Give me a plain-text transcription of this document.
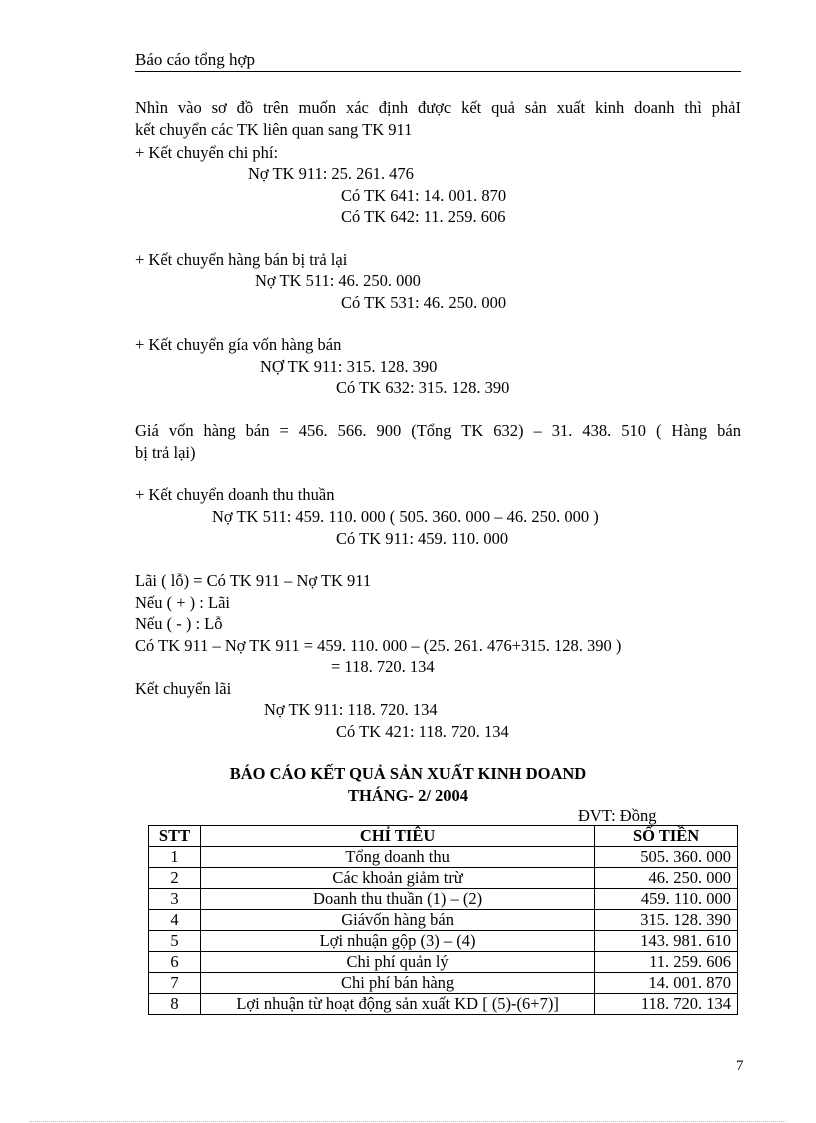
Báo cáo tổng hợp
Nhìn vào sơ đồ trên muốn xác định được kết quả sản xuất kinh doanh thì phảI
kết chuyển các TK liên quan sang TK 911
+ Kết chuyển chi phí:
Nợ TK 911: 25. 261. 476
Có TK 641: 14. 001. 870
Có TK 642: 11. 259. 606
+ Kết chuyển hàng bán bị trả lại
Nợ TK 511: 46. 250. 000
Có TK 531: 46. 250. 000
+ Kết chuyển gía vốn hàng bán
NỢ TK 911: 315. 128. 390
Có TK 632: 315. 128. 390
Giá vốn hàng bán = 456. 566. 900 (Tổng TK 632) – 31. 438. 510 ( Hàng bán
bị trả lại)
+ Kết chuyển doanh thu thuần
Nợ TK 511: 459. 110. 000 ( 505. 360. 000 – 46. 250. 000 )
Có TK 911: 459. 110. 000
Lãi ( lỗ) = Có TK 911 – Nợ TK 911
Nếu ( + ) : Lãi
Nếu ( - ) : Lỗ
Có TK 911 – Nợ TK 911 = 459. 110. 000 – (25. 261. 476+315. 128. 390 )
= 118. 720. 134
Kết chuyển lãi
Nợ TK 911: 118. 720. 134
Có TK 421: 118. 720. 134
BÁO CÁO KẾT QUẢ SẢN XUẤT KINH DOAND
THÁNG- 2/ 2004
ĐVT: Đồng
STT	CHỈ TIÊU	SỐ TIỀN
1	Tổng doanh thu	505. 360. 000
2	Các khoản giảm trừ	46. 250. 000
3	Doanh thu thuần (1) – (2)	459. 110. 000
4	Giávốn hàng bán	315. 128. 390
5	Lợi nhuận gộp (3) – (4)	143. 981. 610
6	Chi phí quản lý	11. 259. 606
7	Chi phí bán hàng	14. 001. 870
8	Lợi nhuận từ hoạt động sản xuất KD [ (5)-(6+7)]	118. 720. 134
7
